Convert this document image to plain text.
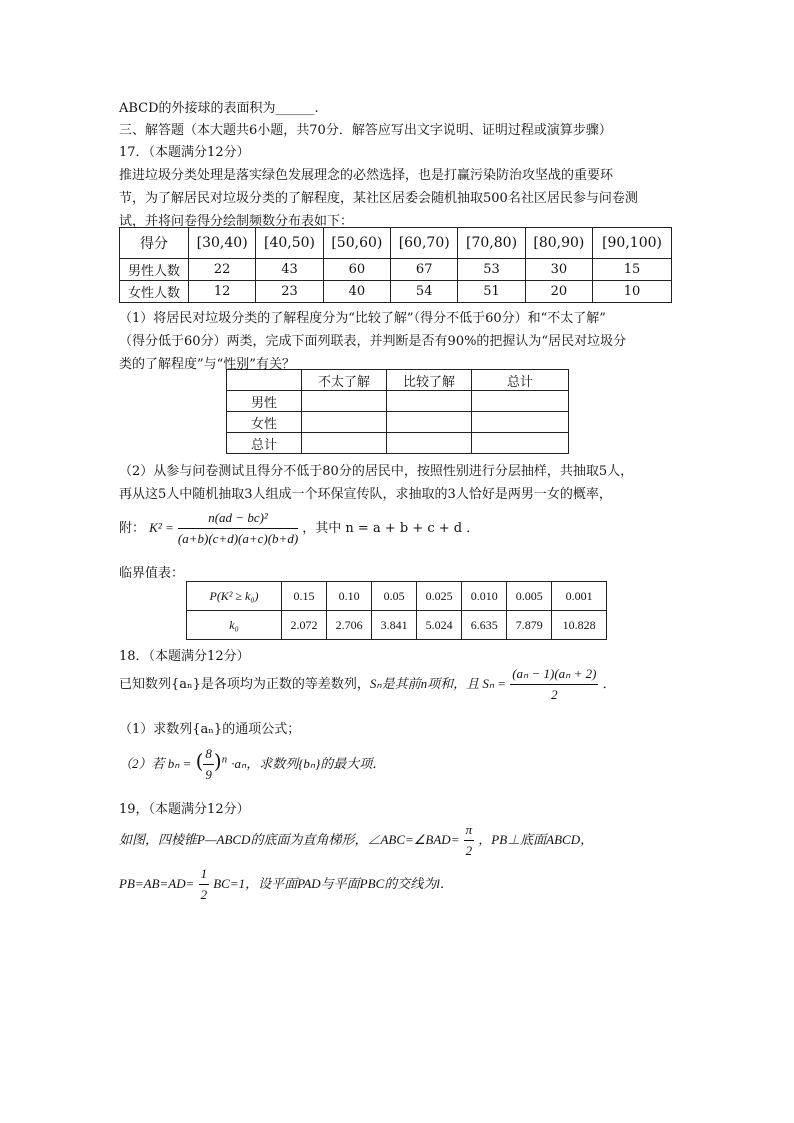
ABCD的外接球的表面积为______.
三、解答题（本大题共6小题，共70分．解答应写出文字说明、证明过程或演算步骤）
17．（本题满分12分）
推进垃圾分类处理是落实绿色发展理念的必然选择，也是打赢污染防治攻坚战的重要环
节，为了解居民对垃圾分类的了解程度，某社区居委会随机抽取500名社区居民参与问卷测
试，并将问卷得分绘制频数分布表如下：
得分	[30,40)	[40,50)	[50,60)	[60,70)	[70,80)	[80,90)	[90,100)
男性人数	22	43	60	67	53	30	15
女性人数	12	23	40	54	51	20	10
（1）将居民对垃圾分类的了解程度分为“比较了解”（得分不低于60分）和“不太了解”
（得分低于60分）两类，完成下面列联表，并判断是否有90%的把握认为“居民对垃圾分
类的了解程度”与“性别”有关？
	不太了解	比较了解	总计
男性			
女性			
总计			
（2）从参与问卷测试且得分不低于80分的居民中，按照性别进行分层抽样，共抽取5人，
再从这5人中随机抽取3人组成一个环保宣传队，求抽取的3人恰好是两男一女的概率，
附： $K^2 = \frac{\text{n(ad − bc)²}}{(a+b)(c+d)(a+c)(b+d)}$ ，其中 n = a + b + c + d ．
临界值表：
P(K² ≥ k₀)	0.15	0.10	0.05	0.025	0.010	0.005	0.001
k₀	2.072	2.706	3.841	5.024	6.635	7.879	10.828
18．（本题满分12分）
已知数列{aₙ}是各项均为正数的等差数列，Sₙ是其前n项和，且 $S_n = \frac{\text{(aₙ − 1)(aₙ + 2)}}{2}$ ．
（1）求数列{aₙ}的通项公式；
（2）若 bₙ = ( $\frac{8}{9} )^n \cdot a_n$，求数列{bₙ}的最大项．
19，（本题满分12分）
如图，四棱锥P—ABCD的底面为直角梯形，∠ABC=∠BAD= $\frac{\pi}{2}$ ，PB⊥底面ABCD，
$PB=AB=AD= \frac{1}{2} BC=1$，设平面PAD与平面PBC的交线为l．
